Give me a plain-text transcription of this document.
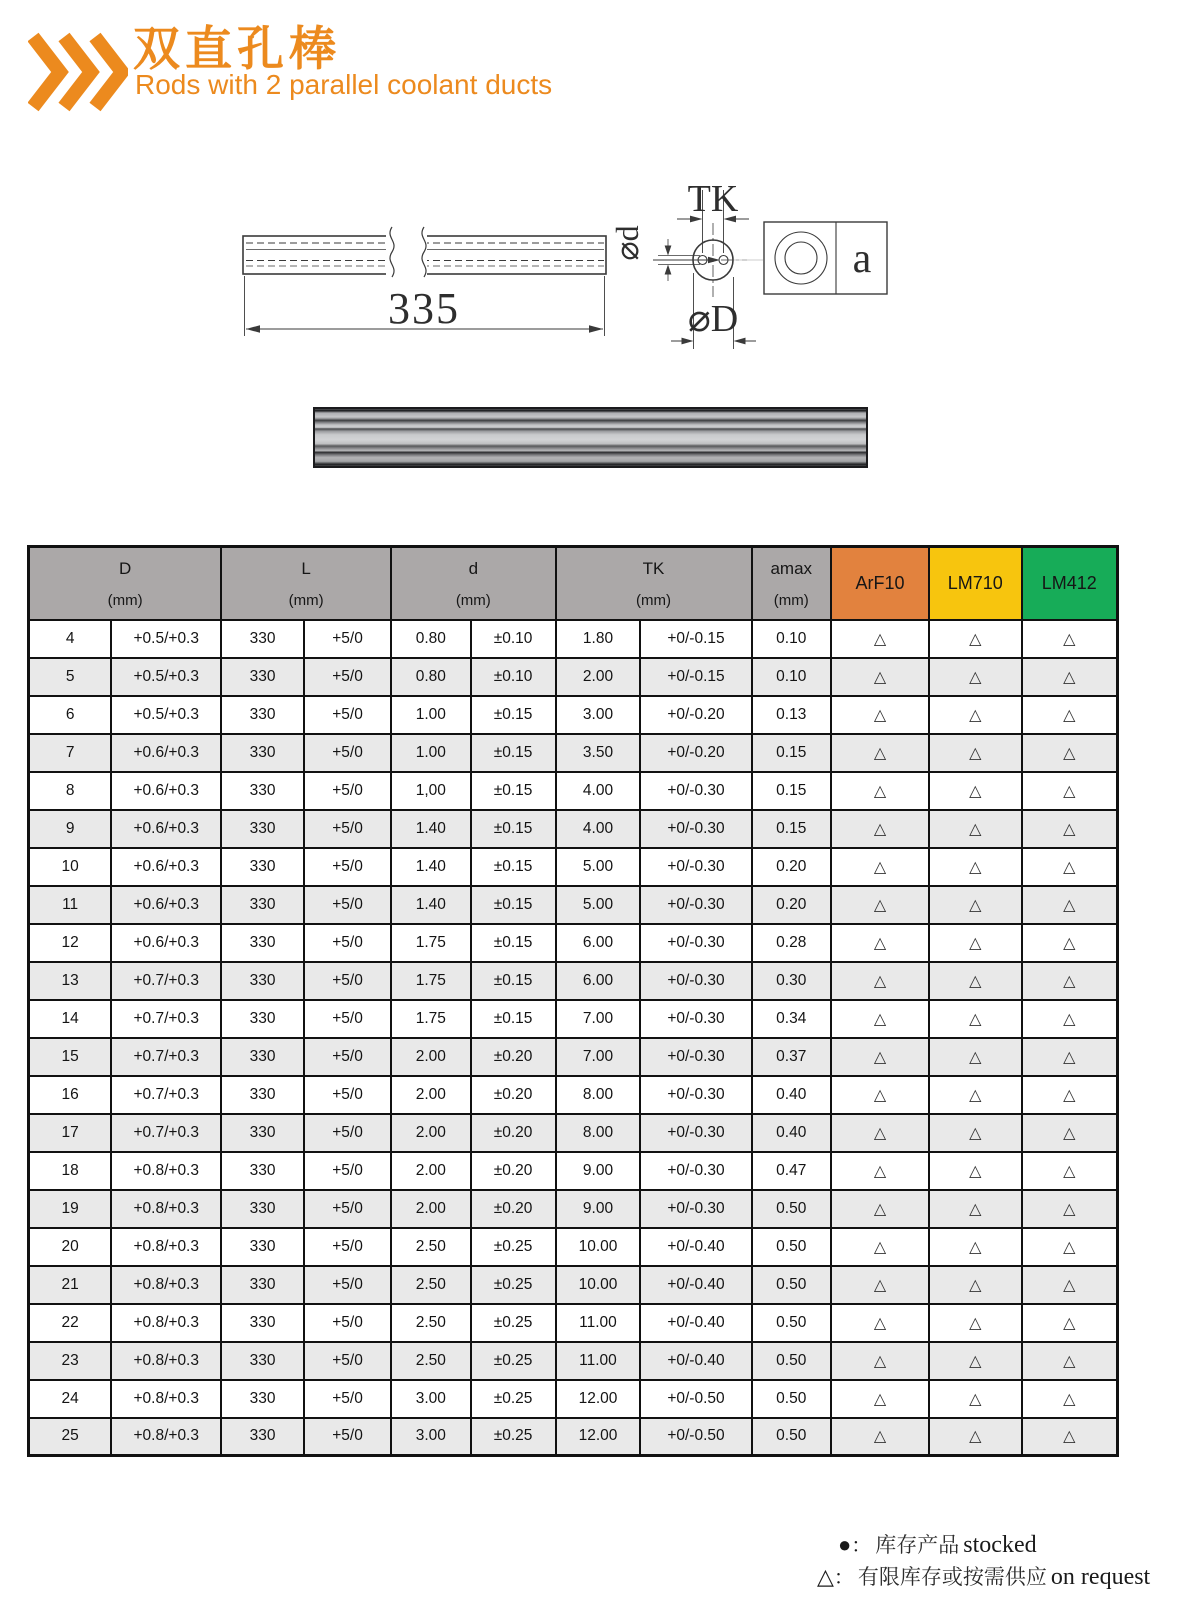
双直孔棒
Rods with 2 parallel coolant ducts
335
TK
⌀d
⌀D
a
D
(mm)

L
(mm)

d
(mm)

TK
(mm)

amax
(mm)
	ArF10	LM710	LM412
4	+0.5/+0.3	330	+5/0	0.80	±0.10	1.80	+0/-0.15	0.10	△	△	△
5	+0.5/+0.3	330	+5/0	0.80	±0.10	2.00	+0/-0.15	0.10	△	△	△
6	+0.5/+0.3	330	+5/0	1.00	±0.15	3.00	+0/-0.20	0.13	△	△	△
7	+0.6/+0.3	330	+5/0	1.00	±0.15	3.50	+0/-0.20	0.15	△	△	△
8	+0.6/+0.3	330	+5/0	1,00	±0.15	4.00	+0/-0.30	0.15	△	△	△
9	+0.6/+0.3	330	+5/0	1.40	±0.15	4.00	+0/-0.30	0.15	△	△	△
10	+0.6/+0.3	330	+5/0	1.40	±0.15	5.00	+0/-0.30	0.20	△	△	△
11	+0.6/+0.3	330	+5/0	1.40	±0.15	5.00	+0/-0.30	0.20	△	△	△
12	+0.6/+0.3	330	+5/0	1.75	±0.15	6.00	+0/-0.30	0.28	△	△	△
13	+0.7/+0.3	330	+5/0	1.75	±0.15	6.00	+0/-0.30	0.30	△	△	△
14	+0.7/+0.3	330	+5/0	1.75	±0.15	7.00	+0/-0.30	0.34	△	△	△
15	+0.7/+0.3	330	+5/0	2.00	±0.20	7.00	+0/-0.30	0.37	△	△	△
16	+0.7/+0.3	330	+5/0	2.00	±0.20	8.00	+0/-0.30	0.40	△	△	△
17	+0.7/+0.3	330	+5/0	2.00	±0.20	8.00	+0/-0.30	0.40	△	△	△
18	+0.8/+0.3	330	+5/0	2.00	±0.20	9.00	+0/-0.30	0.47	△	△	△
19	+0.8/+0.3	330	+5/0	2.00	±0.20	9.00	+0/-0.30	0.50	△	△	△
20	+0.8/+0.3	330	+5/0	2.50	±0.25	10.00	+0/-0.40	0.50	△	△	△
21	+0.8/+0.3	330	+5/0	2.50	±0.25	10.00	+0/-0.40	0.50	△	△	△
22	+0.8/+0.3	330	+5/0	2.50	±0.25	11.00	+0/-0.40	0.50	△	△	△
23	+0.8/+0.3	330	+5/0	2.50	±0.25	11.00	+0/-0.40	0.50	△	△	△
24	+0.8/+0.3	330	+5/0	3.00	±0.25	12.00	+0/-0.50	0.50	△	△	△
25	+0.8/+0.3	330	+5/0	3.00	±0.25	12.00	+0/-0.50	0.50	△	△	△
●： 库存产品 stocked
△： 有限库存或按需供应 on request
